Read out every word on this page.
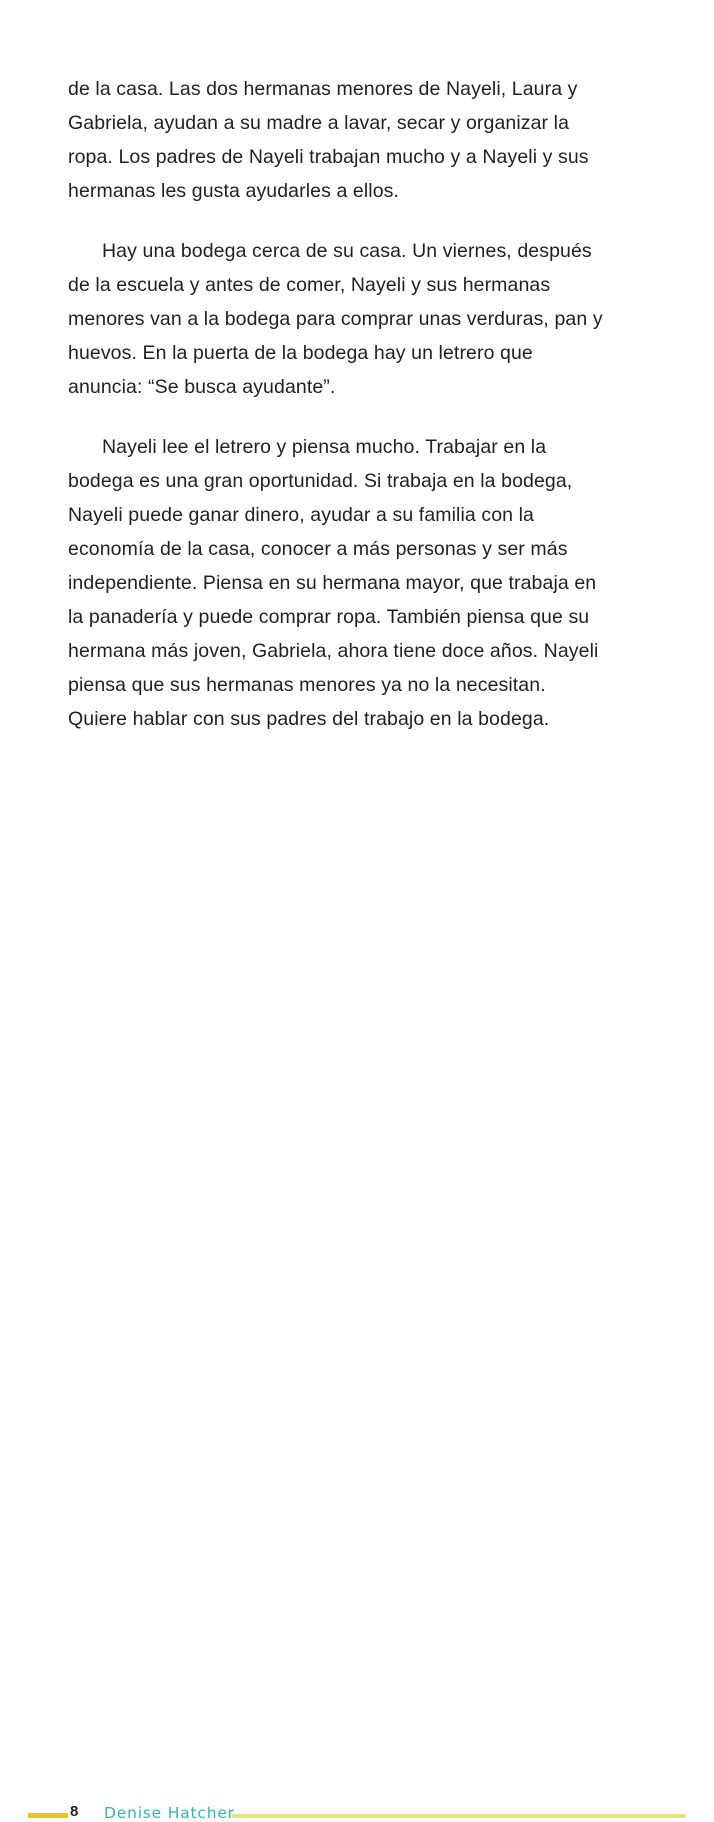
de la casa. Las dos hermanas menores de Nayeli, Laura y Gabriela, ayudan a su madre a lavar, secar y organizar la ropa. Los padres de Nayeli trabajan mucho y a Nayeli y sus hermanas les gusta ayudarles a ellos.

Hay una bodega cerca de su casa. Un viernes, después de la escuela y antes de comer, Nayeli y sus hermanas menores van a la bodega para comprar unas verduras, pan y huevos. En la puerta de la bodega hay un letrero que anuncia: “Se busca ayudante”.

Nayeli lee el letrero y piensa mucho. Trabajar en la bodega es una gran oportunidad. Si trabaja en la bodega, Nayeli puede ganar dinero, ayudar a su familia con la economía de la casa, conocer a más personas y ser más independiente. Piensa en su hermana mayor, que trabaja en la panadería y puede comprar ropa. También piensa que su hermana más joven, Gabriela, ahora tiene doce años. Nayeli piensa que sus hermanas menores ya no la necesitan. Quiere hablar con sus padres del trabajo en la bodega.

8 Denise Hatcher
